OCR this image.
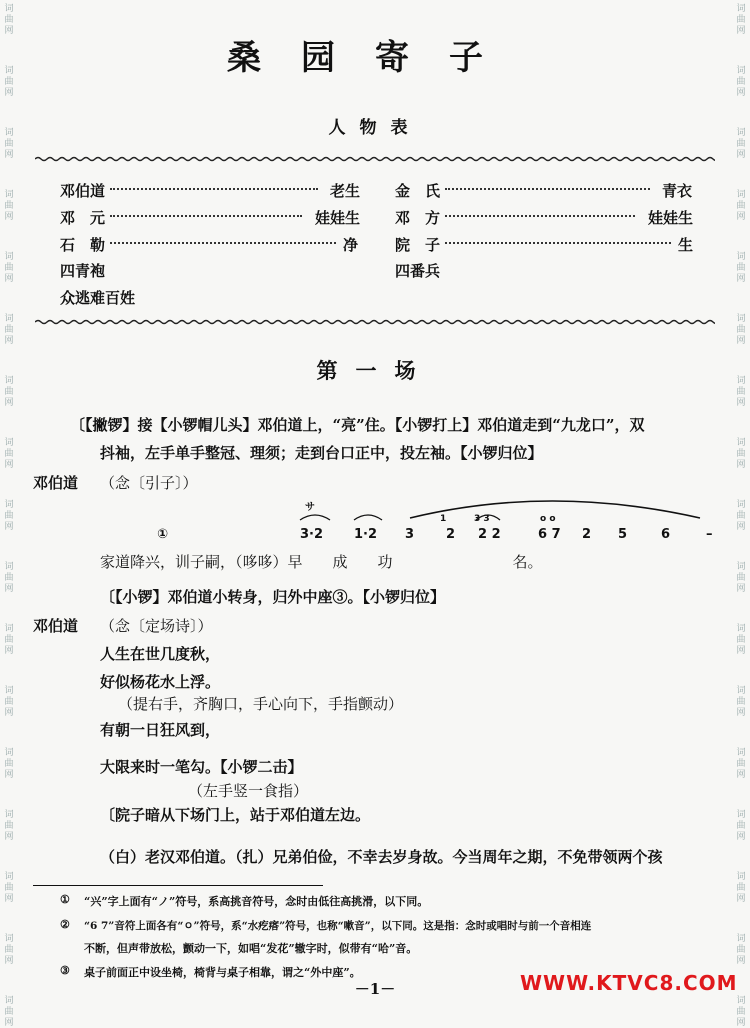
词
曲
网
词
曲
网
词
曲
网
词
曲
网
词
曲
网
词
曲
网
词
曲
网
词
曲
网
词
曲
网
词
曲
网
词
曲
网
词
曲
网
词
曲
网
词
曲
网
词
曲
网
词
曲
网
词
曲
网
词
曲
网
词
曲
网
词
曲
网
词
曲
网
词
曲
网
词
曲
网
词
曲
网
词
曲
网
词
曲
网
词
曲
网
词
曲
网
词
曲
网
词
曲
网
词
曲
网
词
曲
网
词
曲
网
词
曲
网
桑园寄子
人物表
邓伯道	老生 金　氏	青衣
邓　元	娃娃生 邓　方	娃娃生
石　勒	净 院　子	生
四青袍	四番兵
众逃难百姓
第一场
〔【撇锣】接【小锣帽儿头】邓伯道上，“亮”住。【小锣打上】邓伯道走到“九龙口”，双
抖袖，左手单手整冠、理须；走到台口正中，投左袖。【小锣归位】
邓伯道 （念〔引子〕）
①
サ
3·2 1·2 3
1
2
3 3
2 2
o o
6 7 2 5	6	–
家道降兴，训子嗣，（哆哆）早　　成　　功　　　　　　　　名。
〔【小锣】邓伯道小转身，归外中座③。【小锣归位】
邓伯道 （念〔定场诗〕）
人生在世几度秋，
好似杨花水上浮。
（提右手，齐胸口，手心向下，手指颤动）
有朝一日狂风到，
大限来时一笔勾。【小锣二击】
（左手竖一食指）
〔院子暗从下场门上，站于邓伯道左边。
（白）老汉邓伯道。（扎）兄弟伯俭，不幸去岁身故。今当周年之期，不免带领两个孩
① “兴”字上面有“ノ”符号，系高挑音符号，念时由低往高挑滑，以下同。
② “6 7”音符上面各有“ㅇ”符号，系“水疙瘩”符号，也称“嗽音”，以下同。这是指：念时或唱时与前一个音相连
不断，但声带放松，颤动一下，如唱“发花”辙字时，似带有“哈”音。
③ 桌子前面正中设坐椅，椅背与桌子相靠，谓之“外中座”。
－1－	WWW.KTVC8.COM
